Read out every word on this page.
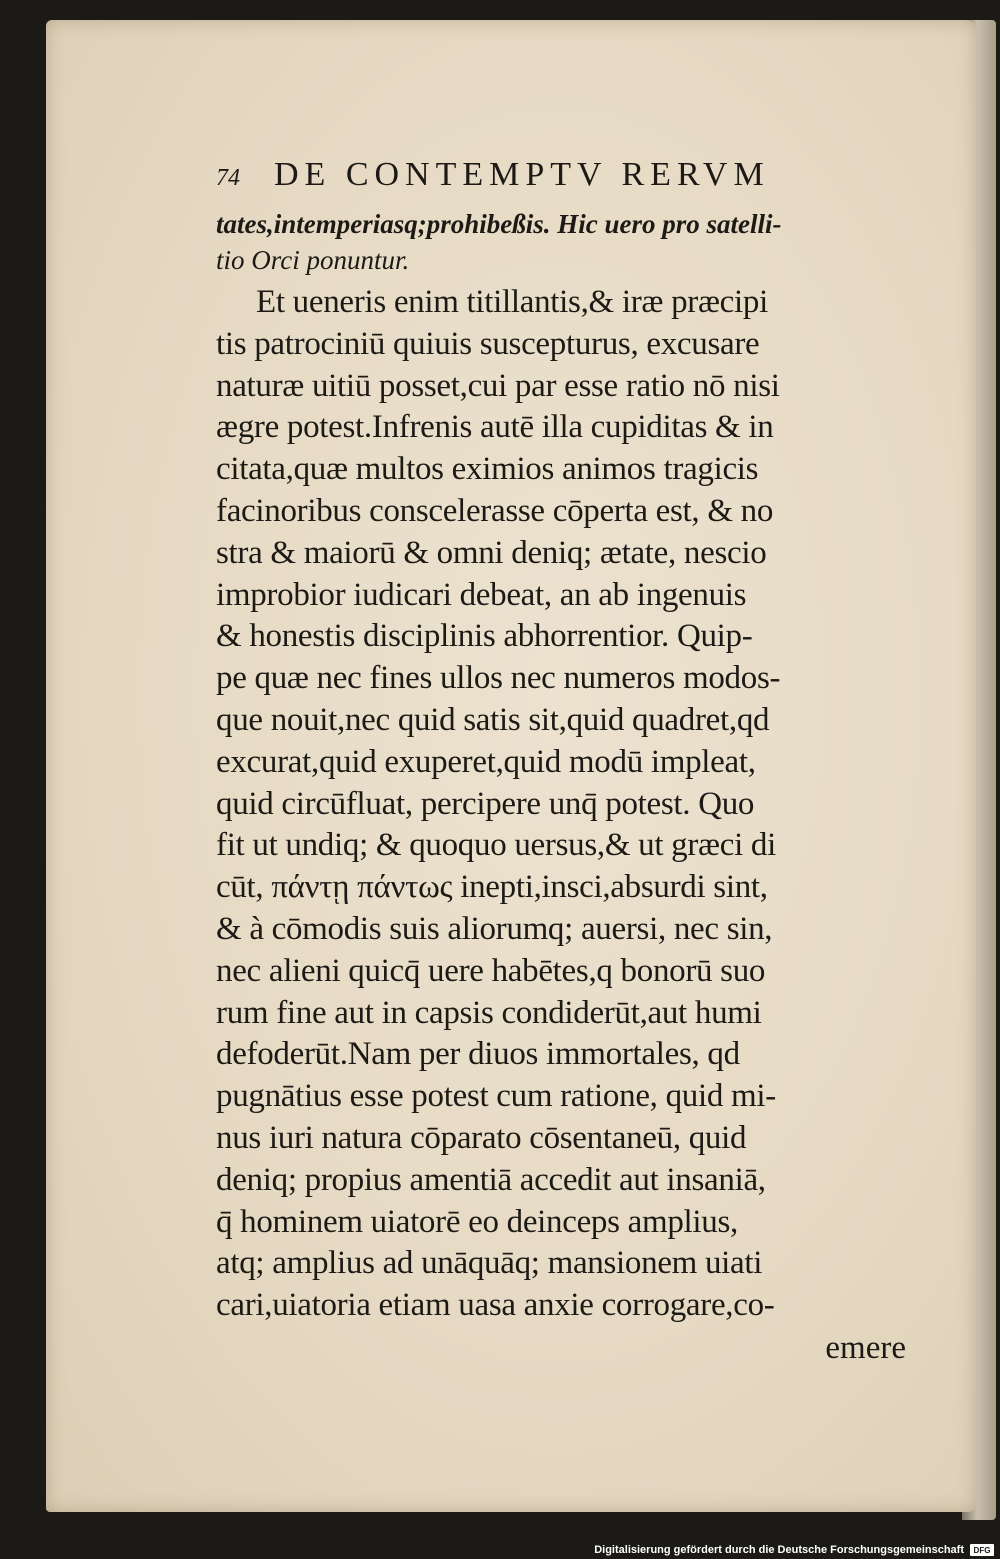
74 DE CONTEMPTV RERVM
tates,intemperiasq;prohibeßis. Hic uero pro satelli-
tio Orci ponuntur.
Et ueneris enim titillantis,& iræ præcipi
tis patrociniū quiuis suscepturus, excusare
naturæ uitiū posset,cui par esse ratio nō nisi
ægre potest.Infrenis autē illa cupiditas & in
citata,quæ multos eximios animos tragicis
facinoribus conscelerasse cōperta est, & no
stra & maiorū & omni deniq; ætate, nescio
improbior iudicari debeat, an ab ingenuis
& honestis disciplinis abhorrentior. Quip-
pe quæ nec fines ullos nec numeros modos-
que nouit,nec quid satis sit,quid quadret,qd
excurat,quid exuperet,quid modū impleat,
quid circūfluat, percipere unq̄ potest. Quo
fit ut undiq; & quoquo uersus,& ut græci di
cūt, πάντῃ πάντως inepti,insci,absurdi sint,
& à cōmodis suis aliorumq; auersi, nec sin,
nec alieni quicq̄ uere habētes,q bonorū suo
rum fine aut in capsis condiderūt,aut humi
defoderūt.Nam per diuos immortales, qd
pugnātius esse potest cum ratione, quid mi-
nus iuri natura cōparato cōsentaneū, quid
deniq; propius amentiā accedit aut insaniā,
q̄ hominem uiatorē eo deinceps amplius,
atq; amplius ad unāquāq; mansionem uiati
cari,uiatoria etiam uasa anxie corrogare,co-
emere
Digitalisierung gefördert durch die Deutsche Forschungsgemeinschaft	DFG
